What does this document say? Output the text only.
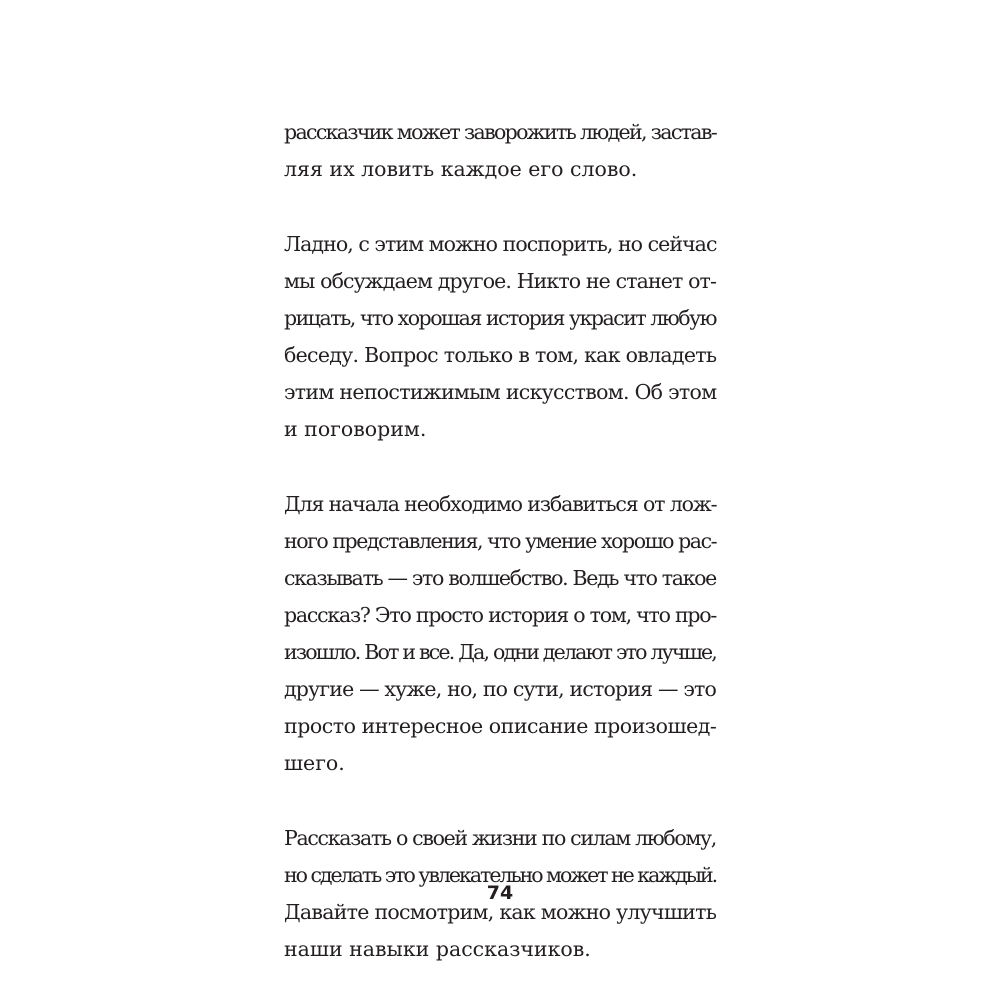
рассказчик может заворожить людей, застав-
ляя их ловить каждое его слово.

Ладно, с этим можно поспорить, но сейчас
мы обсуждаем другое. Никто не станет от-
рицать, что хорошая история украсит любую
беседу. Вопрос только в том, как овладеть
этим непостижимым искусством. Об этом
и поговорим.

Для начала необходимо избавиться от лож-
ного представления, что умение хорошо рас-
сказывать — это волшебство. Ведь что такое
рассказ? Это просто история о том, что про-
изошло. Вот и все. Да, одни делают это лучше,
другие — хуже, но, по сути, история — это
просто интересное описание произошед-
шего.

Рассказать о своей жизни по силам любому,
но сделать это увлекательно может не каждый.
Давайте посмотрим, как можно улучшить
наши навыки рассказчиков.

74
